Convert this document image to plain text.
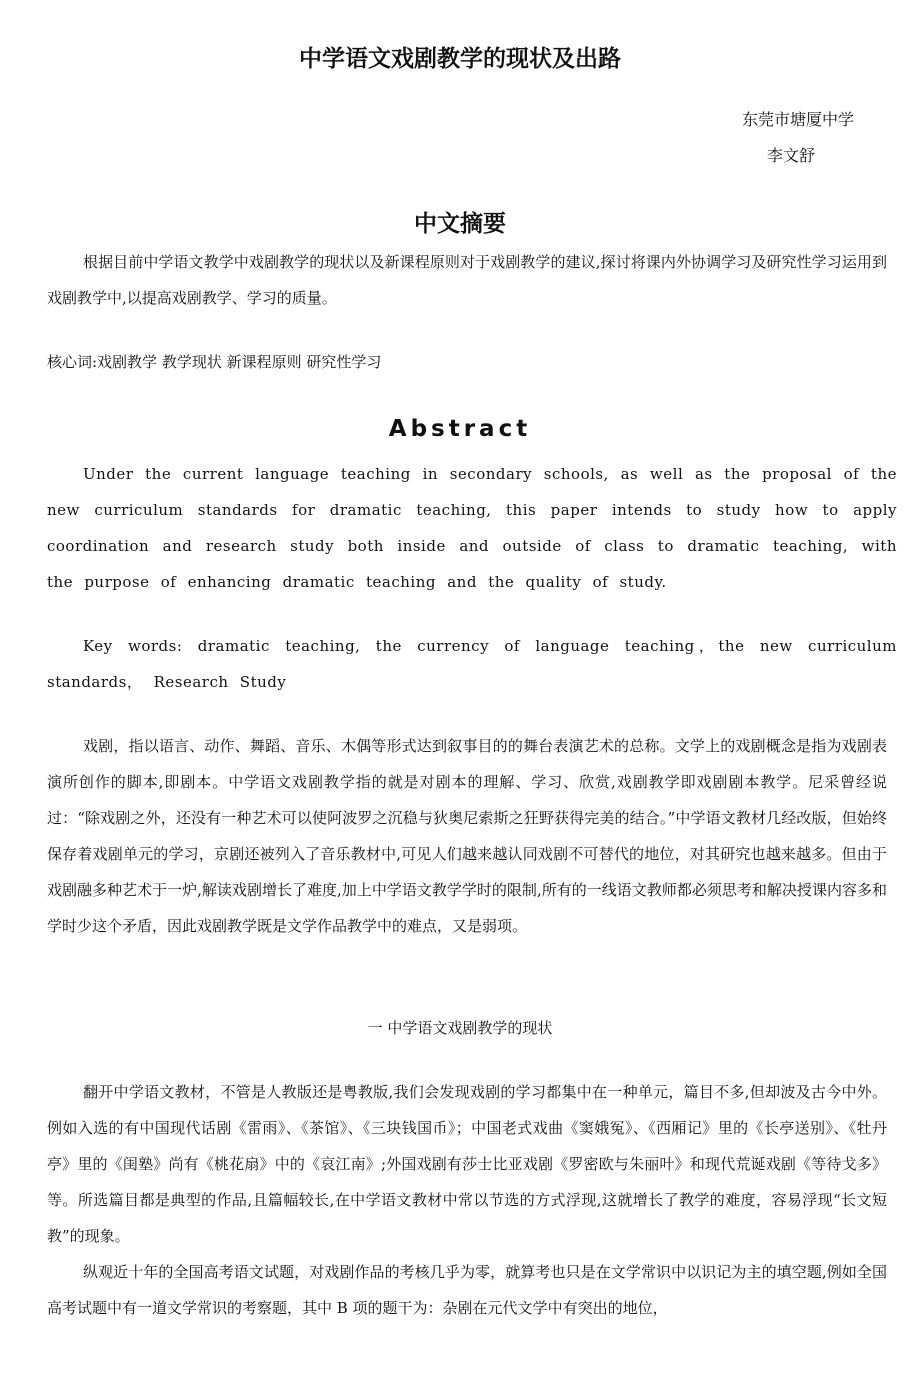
中学语文戏剧教学的现状及出路
东莞市塘厦中学
李文舒
中文摘要

根据目前中学语文教学中戏剧教学的现状以及新课程原则对于戏剧教学的建议,探讨将课内外协调学习及研究性学习运用到戏剧教学中,以提高戏剧教学、学习的质量。

核心词:戏剧教学 教学现状 新课程原则 研究性学习

Abstract

Under the current language teaching in secondary schools, as well as the proposal of the new curriculum standards for dramatic teaching, this paper intends to study how to apply coordination and research study both inside and outside of class to dramatic teaching, with the purpose of enhancing dramatic teaching and the quality of study.

Key words: dramatic teaching, the currency of language teaching，the new curriculum standards， Research Study

戏剧，指以语言、动作、舞蹈、音乐、木偶等形式达到叙事目的的舞台表演艺术的总称。文学上的戏剧概念是指为戏剧表演所创作的脚本,即剧本。中学语文戏剧教学指的就是对剧本的理解、学习、欣赏,戏剧教学即戏剧剧本教学。尼采曾经说过：“除戏剧之外，还没有一种艺术可以使阿波罗之沉稳与狄奥尼索斯之狂野获得完美的结合。”中学语文教材几经改版，但始终保存着戏剧单元的学习，京剧还被列入了音乐教材中,可见人们越来越认同戏剧不可替代的地位，对其研究也越来越多。但由于戏剧融多种艺术于一炉,解读戏剧增长了难度,加上中学语文教学学时的限制,所有的一线语文教师都必须思考和解决授课内容多和学时少这个矛盾，因此戏剧教学既是文学作品教学中的难点，又是弱项。

一 中学语文戏剧教学的现状

翻开中学语文教材，不管是人教版还是粤教版,我们会发现戏剧的学习都集中在一种单元，篇目不多,但却波及古今中外。例如入选的有中国现代话剧《雷雨》、《茶馆》、《三块钱国币》；中国老式戏曲《窦娥冤》、《西厢记》里的《长亭送别》、《牡丹亭》里的《闺塾》尚有《桃花扇》中的《哀江南》;外国戏剧有莎士比亚戏剧《罗密欧与朱丽叶》和现代荒诞戏剧《等待戈多》等。所选篇目都是典型的作品,且篇幅较长,在中学语文教材中常以节选的方式浮现,这就增长了教学的难度，容易浮现“长文短教”的现象。

纵观近十年的全国高考语文试题，对戏剧作品的考核几乎为零，就算考也只是在文学常识中以识记为主的填空题,例如全国高考试题中有一道文学常识的考察题，其中 B 项的题干为：杂剧在元代文学中有突出的地位，
